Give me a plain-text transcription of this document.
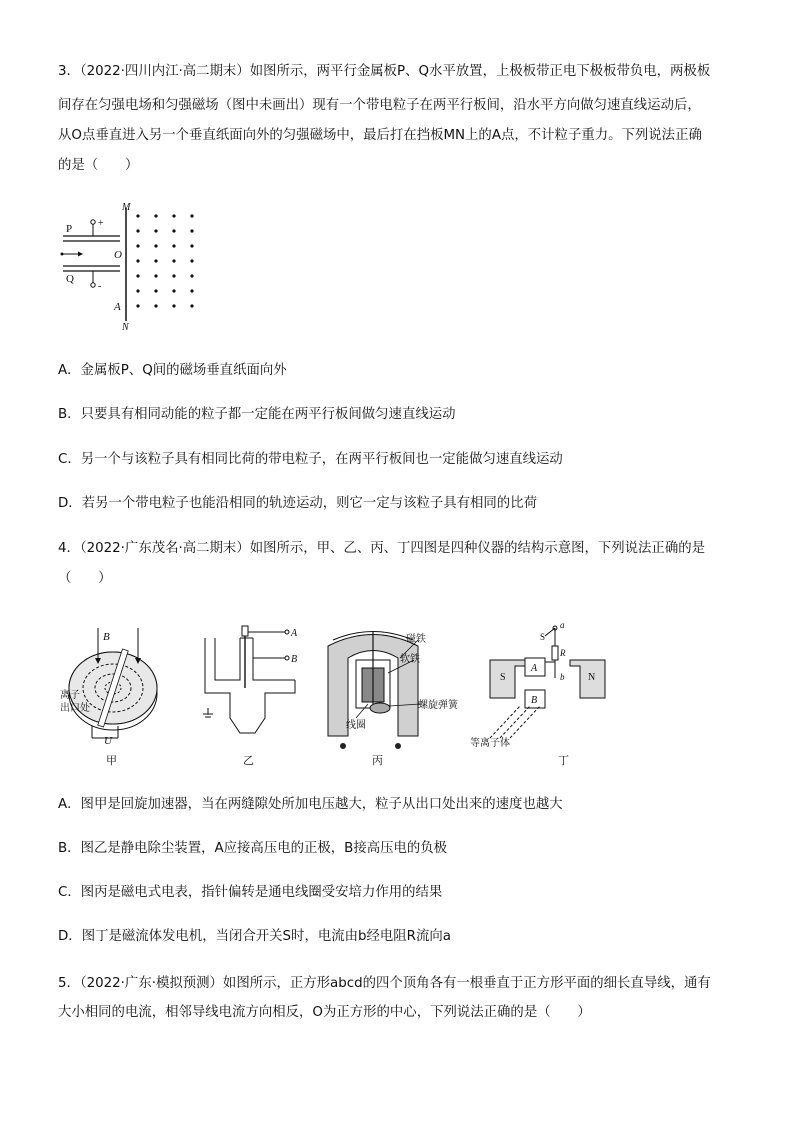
3．（2022·四川内江·高二期末）如图所示，两平行金属板P、Q水平放置，上极板带正电下极板带负电，两极板
间存在匀强电场和匀强磁场（图中未画出）现有一个带电粒子在两平行板间，沿水平方向做匀速直线运动后，
从O点垂直进入另一个垂直纸面向外的匀强磁场中，最后打在挡板MN上的A点，不计粒子重力。下列说法正确
的是（　　）
P
Q
+
-
M
N
O
A
A．金属板P、Q间的磁场垂直纸面向外
B．只要具有相同动能的粒子都一定能在两平行板间做匀速直线运动
C．另一个与该粒子具有相同比荷的带电粒子，在两平行板间也一定能做匀速直线运动
D．若另一个带电粒子也能沿相同的轨迹运动，则它一定与该粒子具有相同的比荷
4．（2022·广东茂名·高二期末）如图所示，甲、乙、丙、丁四图是四种仪器的结构示意图，下列说法正确的是
（　　）
B
离子
出口处
U
甲
A
B
乙
磁铁
软铁
螺旋弹簧
线圈
丙
S	N
A
B
a
b
R
S
等离子体
丁
A．图甲是回旋加速器，当在两缝隙处所加电压越大，粒子从出口处出来的速度也越大
B．图乙是静电除尘装置，A应接高压电的正极，B接高压电的负极
C．图丙是磁电式电表，指针偏转是通电线圈受安培力作用的结果
D．图丁是磁流体发电机，当闭合开关S时，电流由b经电阻R流向a
5．（2022·广东·模拟预测）如图所示，正方形abcd的四个顶角各有一根垂直于正方形平面的细长直导线，通有
大小相同的电流，相邻导线电流方向相反，O为正方形的中心，下列说法正确的是（　　）
